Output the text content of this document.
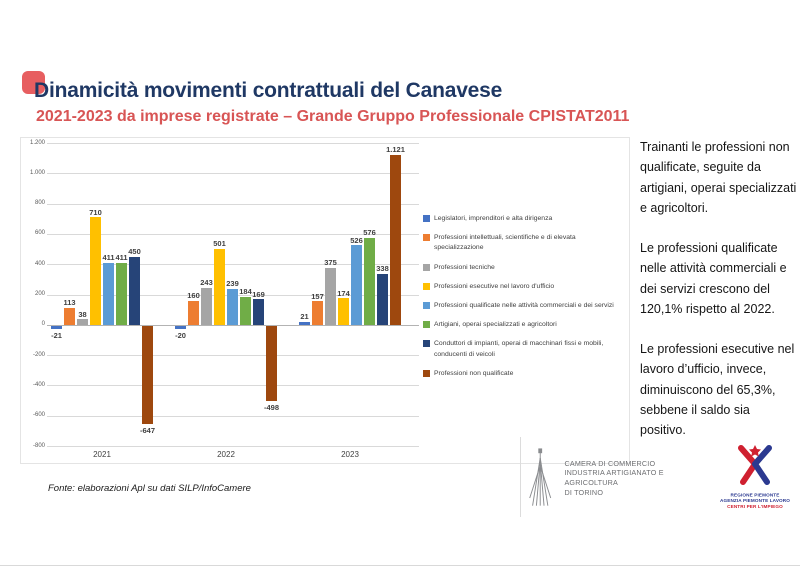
Dinamicità movimenti contrattuali del Canavese
2021-2023 da imprese registrate – Grande Gruppo Professionale CPISTAT2011
1.200
1.000
800
600
400
200
0
-200
-400
-600
-800
-21	-20
21
113
160	157
38
243
375
710
501
174
411
239
526
411
184
576
450
169
338
-647
-498
1.121
2021	2022	2023
Legislatori, imprenditori e alta dirigenza
Professioni intellettuali, scientifiche e di elevata specializzazione
Professioni tecniche
Professioni esecutive nel lavoro d'ufficio
Professioni qualificate nelle attività commerciali e dei servizi
Artigiani, operai specializzati e agricoltori
Conduttori di impianti, operai di macchinari fissi e mobili, conducenti di veicoli
Professioni non qualificate

Trainanti le professioni non qualificate, seguite da artigiani, operai specializzati e agricoltori.

Le professioni qualificate nelle attività commerciali e dei servizi crescono del 120,1% rispetto al 2022.

Le professioni esecutive nel lavoro d’ufficio, invece, diminuiscono del 65,3%, sebbene il saldo sia positivo.

Fonte: elaborazioni Apl su dati SILP/InfoCamere
CAMERA DI COMMERCIO
INDUSTRIA ARTIGIANATO E AGRICOLTURA
DI TORINO	REGIONE PIEMONTE
AGENZIA PIEMONTE LAVORO
CENTRI PER L'IMPIEGO
